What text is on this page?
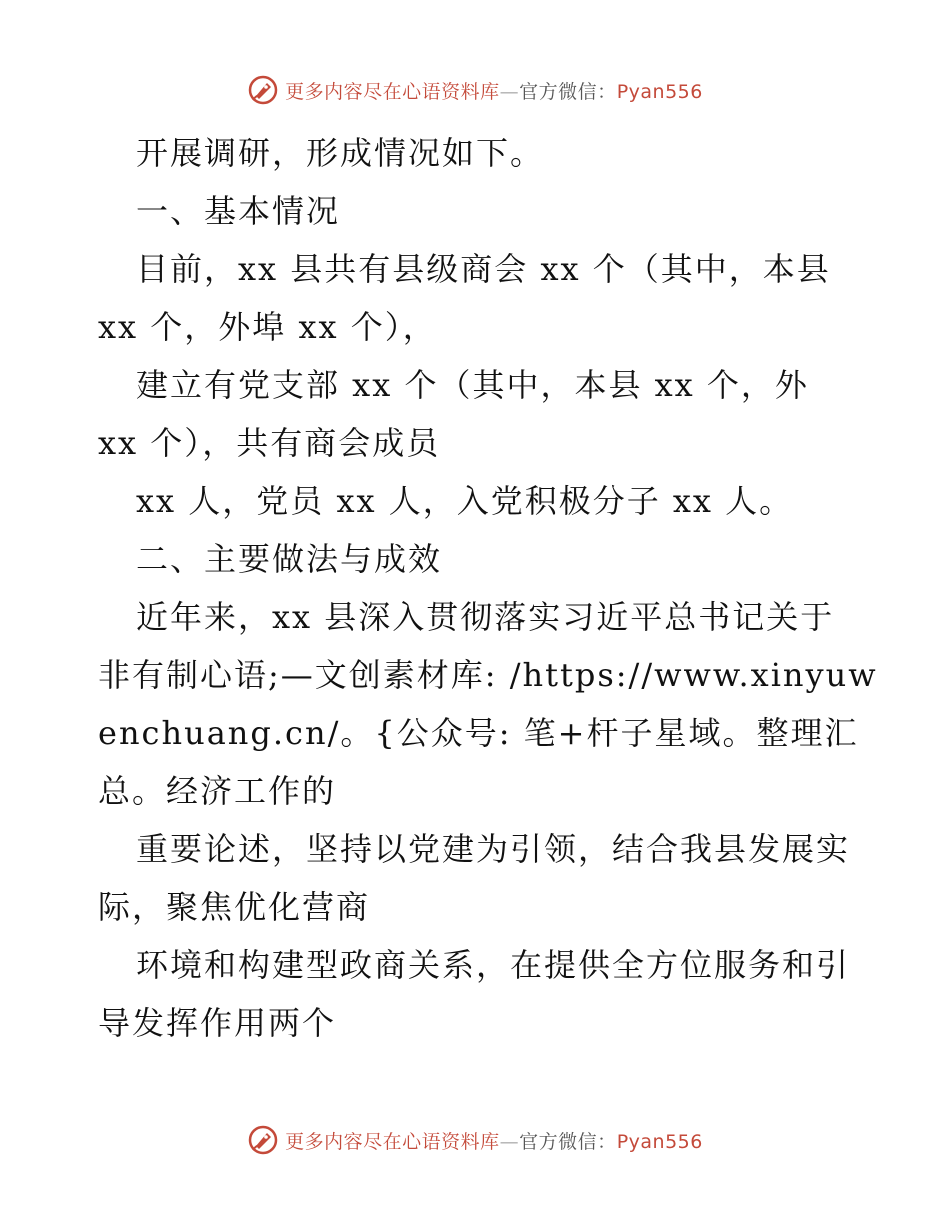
更多内容尽在心语资料库—官方微信：Pyan556
开展调研，形成情况如下。
一、基本情况
目前，xx 县共有县级商会 xx 个（其中，本县
xx 个，外埠 xx 个），
建立有党支部 xx 个（其中，本县 xx 个，外
xx 个），共有商会成员
xx 人，党员 xx 人，入党积极分子 xx 人。
二、主要做法与成效
近年来，xx 县深入贯彻落实习近平总书记关于
非有制心语;—文创素材库: /https://www.xinyuw
enchuang.cn/。{公众号: 笔+杆子星域。整理汇
总。经济工作的
重要论述，坚持以党建为引领，结合我县发展实
际，聚焦优化营商
环境和构建型政商关系，在提供全方位服务和引
导发挥作用两个
更多内容尽在心语资料库—官方微信：Pyan556
